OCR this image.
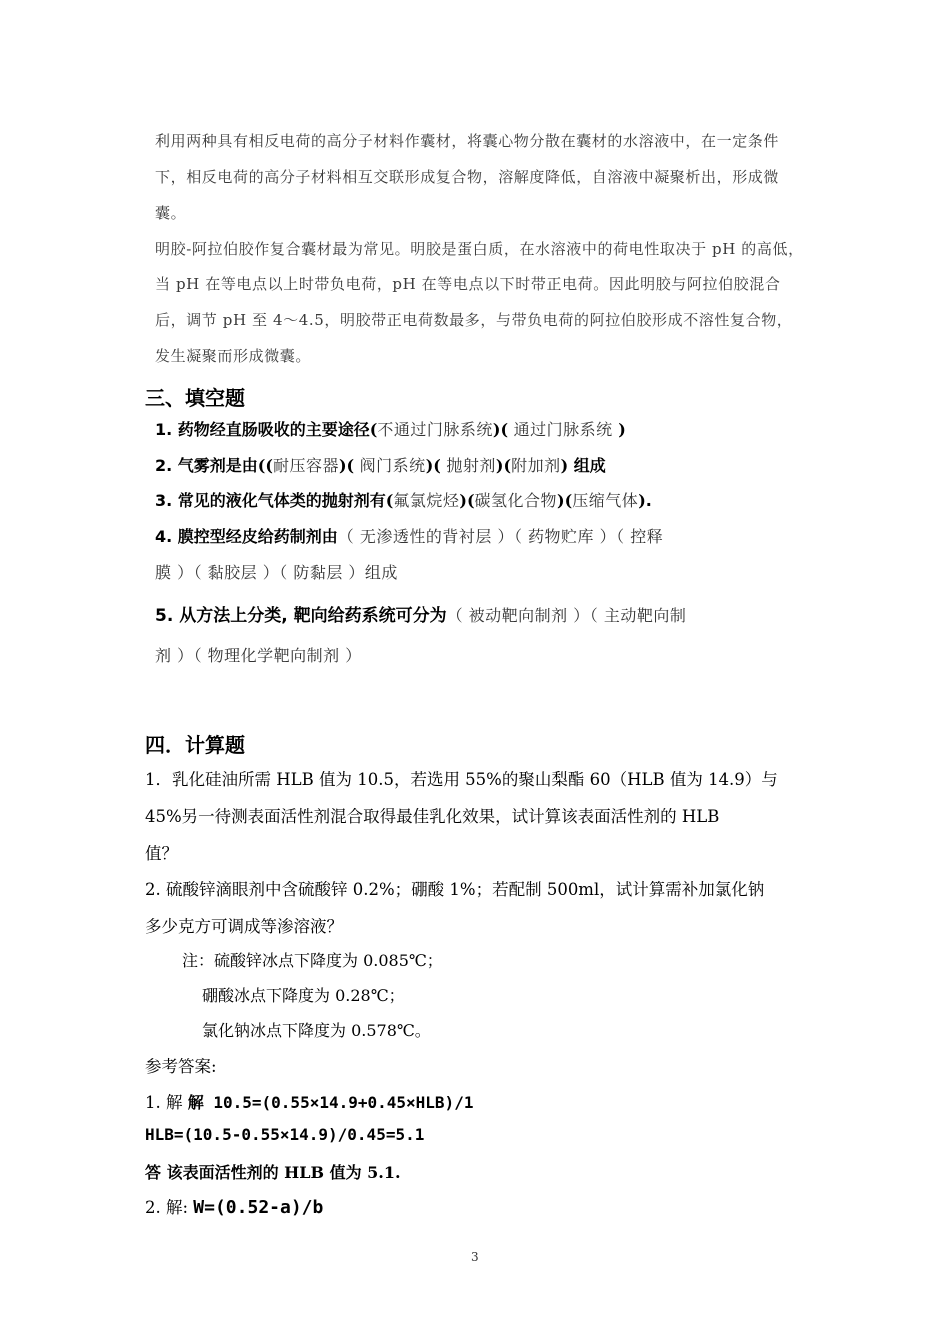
利用两种具有相反电荷的高分子材料作囊材，将囊心物分散在囊材的水溶液中，在一定条件
下，相反电荷的高分子材料相互交联形成复合物，溶解度降低，自溶液中凝聚析出，形成微
囊。
明胶-阿拉伯胶作复合囊材最为常见。明胶是蛋白质，在水溶液中的荷电性取决于 pH 的高低，
当 pH 在等电点以上时带负电荷，pH 在等电点以下时带正电荷。因此明胶与阿拉伯胶混合
后，调节 pH 至 4～4.5，明胶带正电荷数最多，与带负电荷的阿拉伯胶形成不溶性复合物，
发生凝聚而形成微囊。
三、填空题
1. 药物经直肠吸收的主要途径(不通过门脉系统)( 通过门脉系统 )
2. 气雾剂是由((耐压容器)( 阀门系统)( 抛射剂)(附加剂) 组成
3. 常见的液化气体类的抛射剂有(氟氯烷烃)(碳氢化合物)(压缩气体).
4. 膜控型经皮给药制剂由（ 无渗透性的背衬层 ）（ 药物贮库 ）（ 控释
膜 ）（ 黏胶层 ）（ 防黏层 ）组成
5. 从方法上分类, 靶向给药系统可分为（ 被动靶向制剂 ）（ 主动靶向制
剂 ）（ 物理化学靶向制剂 ）
四．计算题
1．乳化硅油所需 HLB 值为 10.5，若选用 55%的聚山梨酯 60（HLB 值为 14.9）与
45%另一待测表面活性剂混合取得最佳乳化效果，试计算该表面活性剂的 HLB
值？
2. 硫酸锌滴眼剂中含硫酸锌 0.2%；硼酸 1%；若配制 500ml，试计算需补加氯化钠
多少克方可调成等渗溶液？
注：硫酸锌冰点下降度为 0.085℃；
硼酸冰点下降度为 0.28℃；
氯化钠冰点下降度为 0.578℃。
参考答案:
1. 解 解 10.5=(0.55×14.9+0.45×HLB)/1
HLB=(10.5-0.55×14.9)/0.45=5.1
答 该表面活性剂的 HLB 值为 5.1.
2. 解: W=(0.52-a)/b
3
